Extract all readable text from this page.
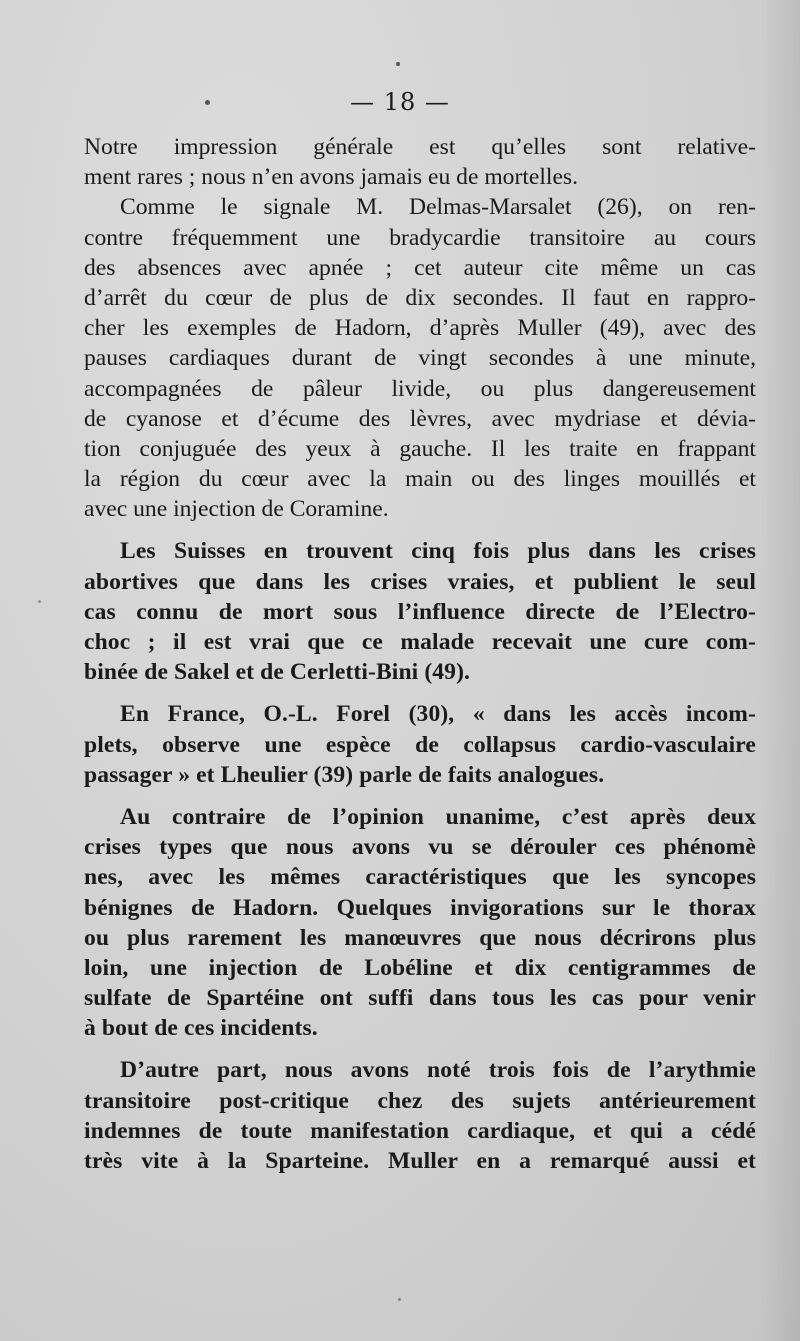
— 18 —
Notre impression générale est qu’elles sont relative-
ment rares ; nous n’en avons jamais eu de mortelles.
Comme le signale M. Delmas-Marsalet (26), on ren-
contre fréquemment une bradycardie transitoire au cours
des absences avec apnée ; cet auteur cite même un cas
d’arrêt du cœur de plus de dix secondes. Il faut en rappro-
cher les exemples de Hadorn, d’après Muller (49), avec des
pauses cardiaques durant de vingt secondes à une minute,
accompagnées de pâleur livide, ou plus dangereusement
de cyanose et d’écume des lèvres, avec mydriase et dévia-
tion conjuguée des yeux à gauche. Il les traite en frappant
la région du cœur avec la main ou des linges mouillés et
avec une injection de Coramine.
Les Suisses en trouvent cinq fois plus dans les crises
abortives que dans les crises vraies, et publient le seul
cas connu de mort sous l’influence directe de l’Electro-
choc ; il est vrai que ce malade recevait une cure com-
binée de Sakel et de Cerletti-Bini (49).
En France, O.-L. Forel (30), « dans les accès incom-
plets, observe une espèce de collapsus cardio-vasculaire
passager » et Lheulier (39) parle de faits analogues.
Au contraire de l’opinion unanime, c’est après deux
crises types que nous avons vu se dérouler ces phénomè
nes, avec les mêmes caractéristiques que les syncopes
bénignes de Hadorn. Quelques invigorations sur le thorax
ou plus rarement les manœuvres que nous décrirons plus
loin, une injection de Lobéline et dix centigrammes de
sulfate de Spartéine ont suffi dans tous les cas pour venir
à bout de ces incidents.
D’autre part, nous avons noté trois fois de l’arythmie
transitoire post-critique chez des sujets antérieurement
indemnes de toute manifestation cardiaque, et qui a cédé
très vite à la Sparteine. Muller en a remarqué aussi et
